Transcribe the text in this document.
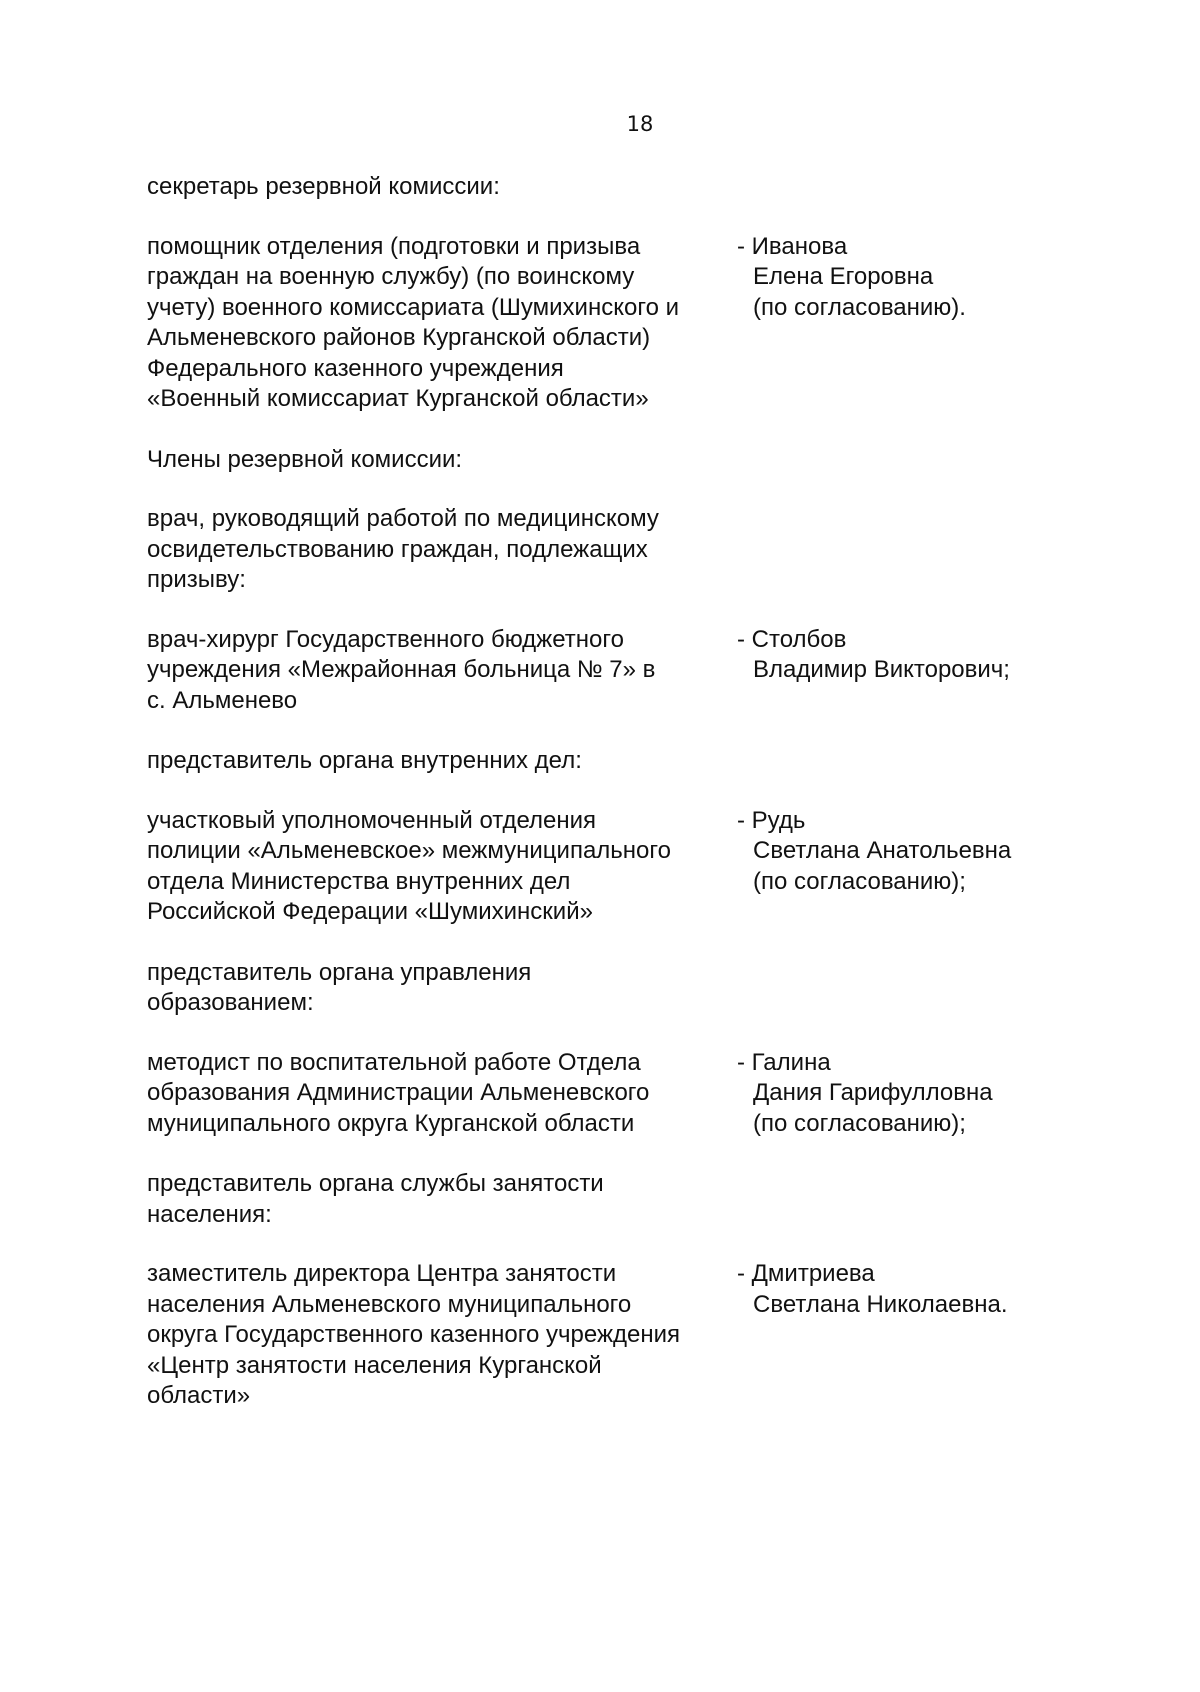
18

секретарь резервной комиссии:

помощник отделения (подготовки и призыва
граждан на военную службу) (по воинскому
учету) военного комиссариата (Шумихинского и
Альменевского районов Курганской области)
Федерального казенного учреждения
«Военный комиссариат Курганской области»
- Иванова
Елена Егоровна
(по согласованию).

Члены резервной комиссии:

врач, руководящий работой по медицинскому
освидетельствованию граждан, подлежащих
призыву:
врач-хирург Государственного бюджетного
учреждения «Межрайонная больница № 7» в
с. Альменево
- Столбов
Владимир Викторович;

представитель органа внутренних дел:

участковый уполномоченный отделения
полиции «Альменевское» межмуниципального
отдела Министерства внутренних дел
Российской Федерации «Шумихинский»
- Рудь
Светлана Анатольевна
(по согласованию);
представитель органа управления
образованием:
методист по воспитательной работе Отдела
образования Администрации Альменевского
муниципального округа Курганской области
- Галина
Дания Гарифулловна
(по согласованию);
представитель органа службы занятости
населения:
заместитель директора Центра занятости
населения Альменевского муниципального
округа Государственного казенного учреждения
«Центр занятости населения Курганской
области»
- Дмитриева
Светлана Николаевна.
